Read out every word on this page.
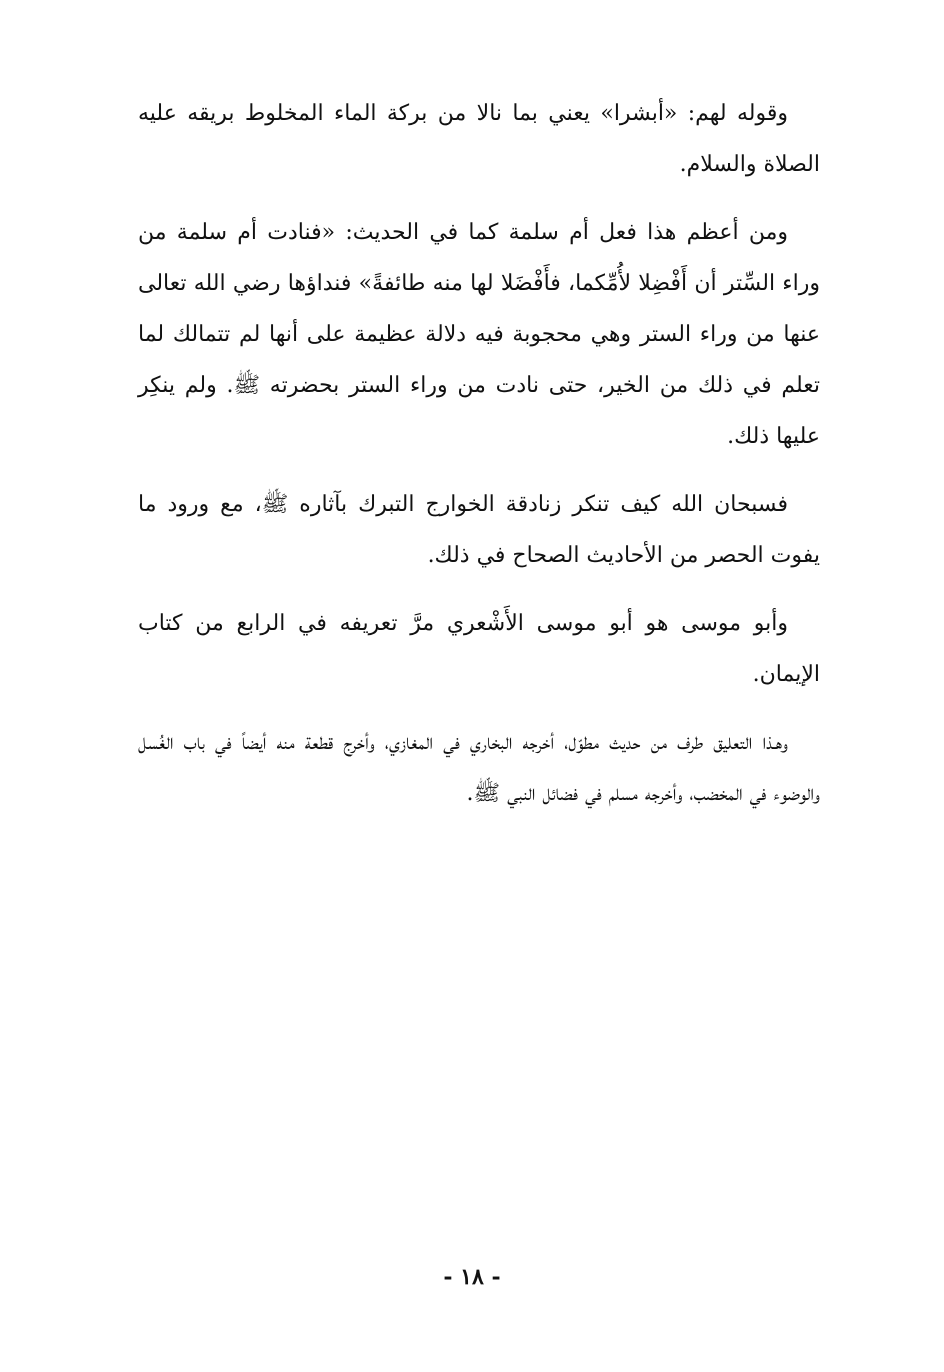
وقوله لهم: «أبشرا» يعني بما نالا من بركة الماء المخلوط بريقه عليه الصلاة والسلام.

ومن أعظم هذا فعل أم سلمة كما في الحديث: «فنادت أم سلمة من وراء السِّتر أن أَفْضِلا لأُمِّكما، فأَفْضَلا لها منه طائفةً» فنداؤها رضي الله تعالى عنها من وراء الستر وهي محجوبة فيه دلالة عظيمة على أنها لم تتمالك لما تعلم في ذلك من الخير، حتى نادت من وراء الستر بحضرته ﷺ. ولم ينكِر عليها ذلك.

فسبحان الله كيف تنكر زنادقة الخوارج التبرك بآثاره ﷺ، مع ورود ما يفوت الحصر من الأحاديث الصحاح في ذلك.

وأبو موسى هو أبو موسى الأَشْعري مرَّ تعريفه في الرابع من كتاب الإيمان.

وهـذا التعليق طرف من حديث مطوّل، أخرجه البخاري في المغازي، وأخرج قطعة منه أيضاً في باب الغُسل والوضوء في المخضب، وأخرجه مسلم في فضائل النبي ﷺ.

- ١٨ -
